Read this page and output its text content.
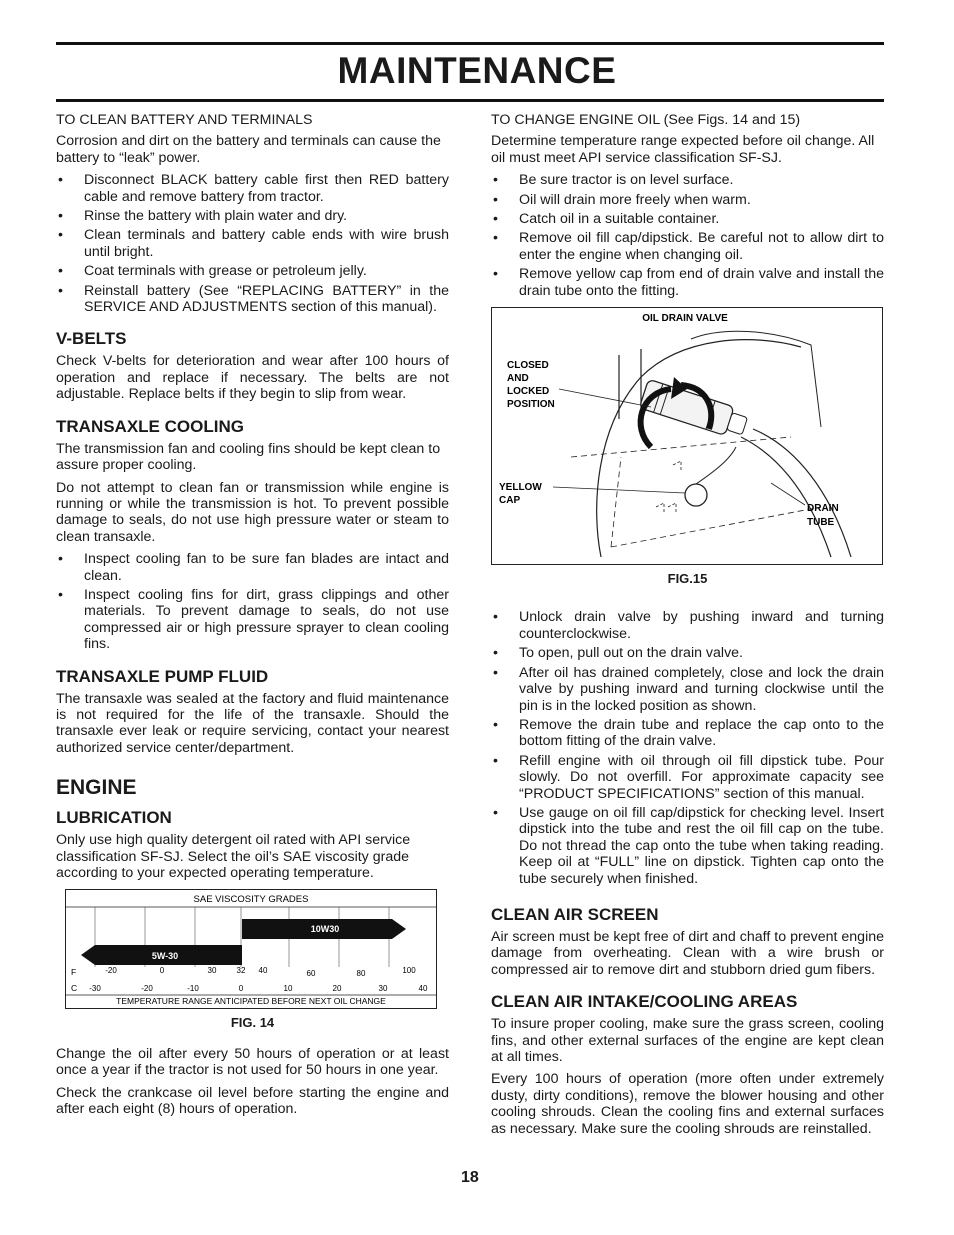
MAINTENANCE

TO CLEAN BATTERY AND TERMINALS

Corrosion and dirt on the battery and terminals can cause the battery to “leak” power.

• Disconnect BLACK battery cable first then RED battery cable and remove battery from tractor.
• Rinse the battery with plain water and dry.
• Clean terminals and battery cable ends with wire brush until bright.
• Coat terminals with grease or petroleum jelly.
• Reinstall battery (See “REPLACING BATTERY” in the SERVICE AND ADJUSTMENTS section of this manual).
V-BELTS

Check V-belts for deterioration and wear after 100 hours of operation and replace if necessary. The belts are not adjustable. Replace belts if they begin to slip from wear.

TRANSAXLE COOLING

The transmission fan and cooling fins should be kept clean to assure proper cooling.

Do not attempt to clean fan or transmission while engine is running or while the transmission is hot. To prevent possible damage to seals, do not use high pressure water or steam to clean transaxle.

• Inspect cooling fan to be sure fan blades are intact and clean.
• Inspect cooling fins for dirt, grass clippings and other materials. To prevent damage to seals, do not use compressed air or high pressure sprayer to clean cooling fins.
TRANSAXLE PUMP FLUID

The transaxle was sealed at the factory and fluid maintenance is not required for the life of the transaxle. Should the transaxle ever leak or require servicing, contact your nearest authorized service center/department.

ENGINE
LUBRICATION

Only use high quality detergent oil rated with API service classification SF-SJ. Select the oil’s SAE viscosity grade according to your expected operating temperature.

SAE VISCOSITY GRADES
10W30
5W-30
F	-20	0	30	32 40	60	80	100
C -30	-20	-10	0	10	20	30	40
TEMPERATURE RANGE ANTICIPATED BEFORE NEXT OIL CHANGE
FIG. 14

Change the oil after every 50 hours of operation or at least once a year if the tractor is not used for 50 hours in one year.

Check the crankcase oil level before starting the engine and after each eight (8) hours of operation.

TO CHANGE ENGINE OIL (See Figs. 14 and 15)

Determine temperature range expected before oil change. All oil must meet API service classification SF-SJ.

• Be sure tractor is on level surface.
• Oil will drain more freely when warm.
• Catch oil in a suitable container.
• Remove oil fill cap/dipstick. Be careful not to allow dirt to enter the engine when changing oil.
• Remove yellow cap from end of drain valve and install the drain tube onto the fitting.
OIL DRAIN VALVE
CLOSED
AND
LOCKED
POSITION
YELLOW
CAP
DRAIN
TUBE
FIG.15
• Unlock drain valve by pushing inward and turning counterclockwise.
• To open, pull out on the drain valve.
• After oil has drained completely, close and lock the drain valve by pushing inward and turning clockwise until the pin is in the locked position as shown.
• Remove the drain tube and replace the cap onto to the bottom fitting of the drain valve.
• Refill engine with oil through oil fill dipstick tube. Pour slowly. Do not overfill. For approximate capacity see “PRODUCT SPECIFICATIONS” section of this manual.
• Use gauge on oil fill cap/dipstick for checking level. Insert dipstick into the tube and rest the oil fill cap on the tube. Do not thread the cap onto the tube when taking reading. Keep oil at “FULL” line on dipstick. Tighten cap onto the tube securely when finished.
CLEAN AIR SCREEN

Air screen must be kept free of dirt and chaff to prevent engine damage from overheating. Clean with a wire brush or compressed air to remove dirt and stubborn dried gum fibers.

CLEAN AIR INTAKE/COOLING AREAS

To insure proper cooling, make sure the grass screen, cooling fins, and other external surfaces of the engine are kept clean at all times.

Every 100 hours of operation (more often under extremely dusty, dirty conditions), remove the blower housing and other cooling shrouds. Clean the cooling fins and external surfaces as necessary. Make sure the cooling shrouds are reinstalled.

18
